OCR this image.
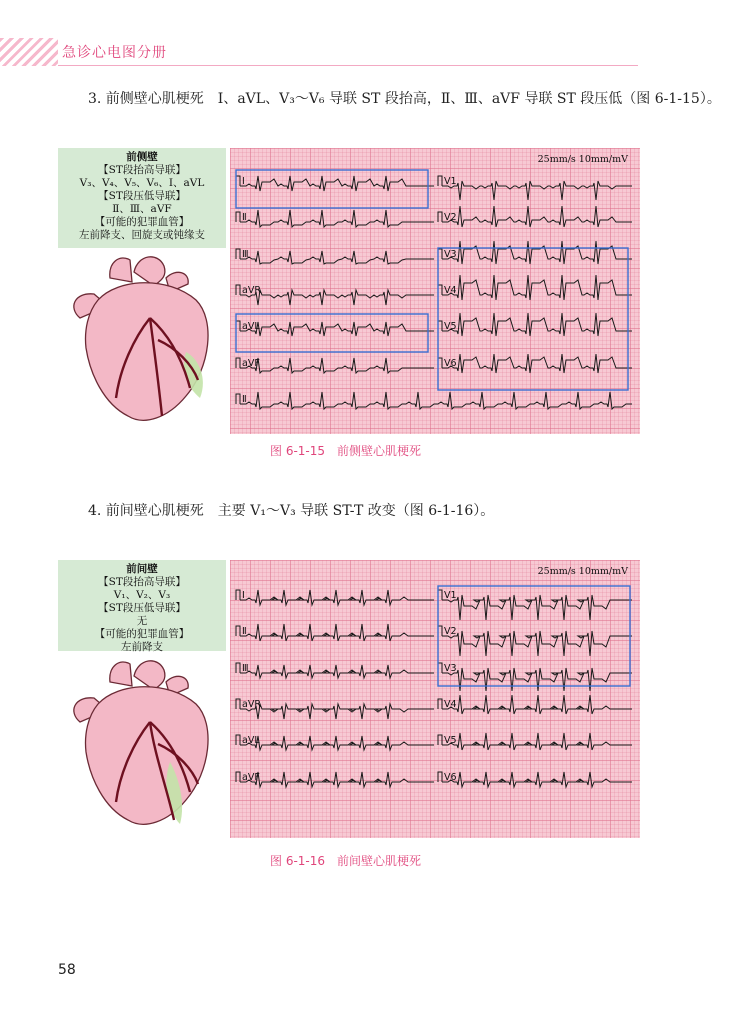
急诊心电图分册
3. 前侧壁心肌梗死　Ⅰ、aVL、V₃～V₆ 导联 ST 段抬高，Ⅱ、Ⅲ、aVF 导联 ST 段压低（图 6-1-15）。
前侧壁
【ST段抬高导联】
V₃、V₄、V₅、V₆、Ⅰ、aVL
【ST段压低导联】
Ⅱ、Ⅲ、aVF
【可能的犯罪血管】
左前降支、回旋支或钝缘支
25mm/s 10mm/mV
Ⅰ
Ⅱ
Ⅲ
aVR
aVL
aVF
Ⅱ
V1
V2
V3
V4
V5
V6
图 6-1-15　前侧壁心肌梗死
4. 前间壁心肌梗死　主要 V₁～V₃ 导联 ST-T 改变（图 6-1-16）。
前间壁
【ST段抬高导联】
V₁、V₂、V₃
【ST段压低导联】
无
【可能的犯罪血管】
左前降支
25mm/s 10mm/mV
Ⅰ
Ⅱ
Ⅲ
aVR
aVL
aVF
V1
V2
V3
V4
V5
V6
图 6-1-16　前间壁心肌梗死
58
